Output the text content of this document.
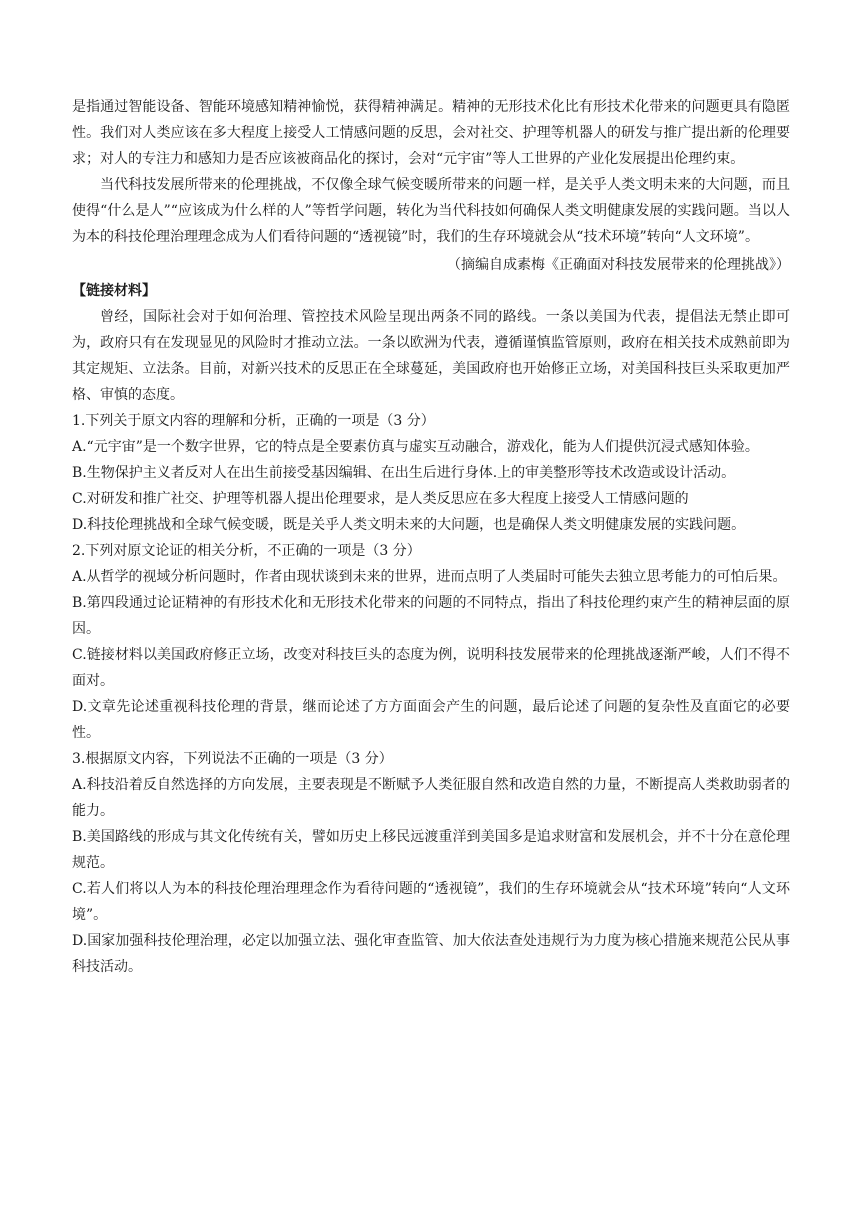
是指通过智能设备、智能环境感知精神愉悦，获得精神满足。精神的无形技术化比有形技术化带来的问题更具有隐匿性。我们对人类应该在多大程度上接受人工情感问题的反思，会对社交、护理等机器人的研发与推广提出新的伦理要求；对人的专注力和感知力是否应该被商品化的探讨，会对“元宇宙”等人工世界的产业化发展提出伦理约束。

当代科技发展所带来的伦理挑战，不仅像全球气候变暖所带来的问题一样，是关乎人类文明未来的大问题，而且使得“什么是人”“应该成为什么样的人”等哲学问题，转化为当代科技如何确保人类文明健康发展的实践问题。当以人为本的科技伦理治理理念成为人们看待问题的“透视镜”时，我们的生存环境就会从“技术环境”转向“人文环境”。

（摘编自成素梅《正确面对科技发展带来的伦理挑战》）

【链接材料】

曾经，国际社会对于如何治理、管控技术风险呈现出两条不同的路线。一条以美国为代表，提倡法无禁止即可为，政府只有在发现显见的风险时才推动立法。一条以欧洲为代表，遵循谨慎监管原则，政府在相关技术成熟前即为其定规矩、立法条。目前，对新兴技术的反思正在全球蔓延，美国政府也开始修正立场，对美国科技巨头采取更加严格、审慎的态度。

1.下列关于原文内容的理解和分析，正确的一项是（3 分）

A.“元宇宙”是一个数字世界，它的特点是全要素仿真与虚实互动融合，游戏化，能为人们提供沉浸式感知体验。

B.生物保护主义者反对人在出生前接受基因编辑、在出生后进行身体.上的审美整形等技术改造或设计活动。

C.对研发和推广社交、护理等机器人提出伦理要求，是人类反思应在多大程度上接受人工情感问题的

D.科技伦理挑战和全球气候变暖，既是关乎人类文明未来的大问题，也是确保人类文明健康发展的实践问题。

2.下列对原文论证的相关分析，不正确的一项是（3 分）

A.从哲学的视域分析问题时，作者由现状谈到未来的世界，进而点明了人类届时可能失去独立思考能力的可怕后果。

B.第四段通过论证精神的有形技术化和无形技术化带来的问题的不同特点，指出了科技伦理约束产生的精神层面的原因。

C.链接材料以美国政府修正立场，改变对科技巨头的态度为例，说明科技发展带来的伦理挑战逐渐严峻，人们不得不面对。

D.文章先论述重视科技伦理的背景，继而论述了方方面面会产生的问题，最后论述了问题的复杂性及直面它的必要性。

3.根据原文内容，下列说法不正确的一项是（3 分）

A.科技沿着反自然选择的方向发展，主要表现是不断赋予人类征服自然和改造自然的力量，不断提高人类救助弱者的能力。

B.美国路线的形成与其文化传统有关，譬如历史上移民远渡重洋到美国多是追求财富和发展机会，并不十分在意伦理规范。

C.若人们将以人为本的科技伦理治理理念作为看待问题的“透视镜”，我们的生存环境就会从“技术环境”转向“人文环境”。

D.国家加强科技伦理治理，必定以加强立法、强化审查监管、加大依法查处违规行为力度为核心措施来规范公民从事科技活动。
